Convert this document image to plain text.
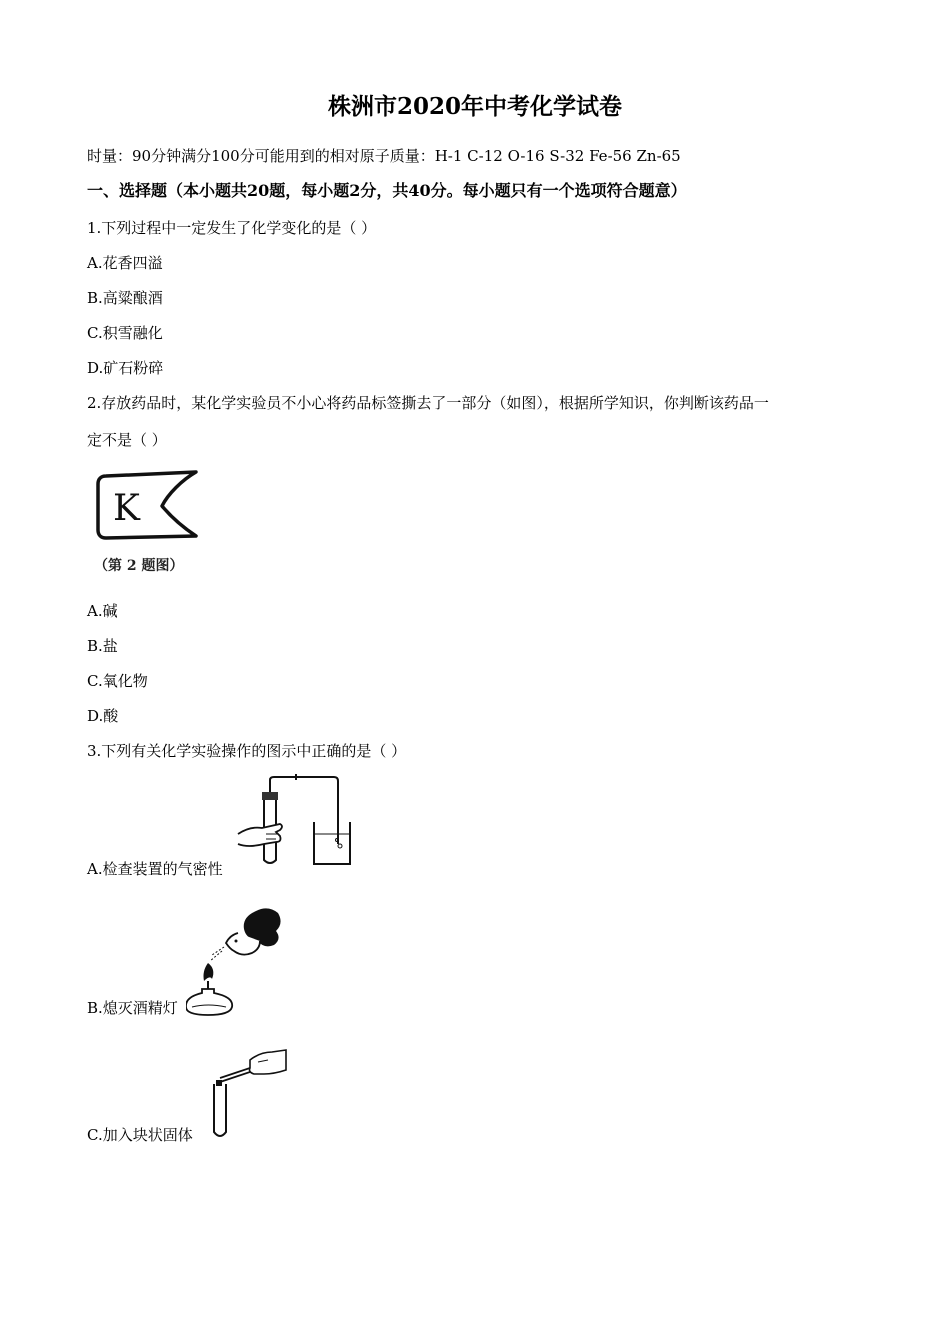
株洲市2020年中考化学试卷
时量：90分钟满分100分可能用到的相对原子质量：H-1 C-12 O-16 S-32 Fe-56 Zn-65
一、选择题（本小题共20题，每小题2分，共40分。每小题只有一个选项符合题意）
1.下列过程中一定发生了化学变化的是（ ）
A.花香四溢
B.高粱酿酒
C.积雪融化
D.矿石粉碎
2.存放药品时，某化学实验员不小心将药品标签撕去了一部分（如图），根据所学知识，你判断该药品一
定不是（ ）
K
（第 2 题图）
A.碱
B.盐
C.氧化物
D.酸
3.下列有关化学实验操作的图示中正确的是（ ）
A.检查装置的气密性
B.熄灭酒精灯
C.加入块状固体
